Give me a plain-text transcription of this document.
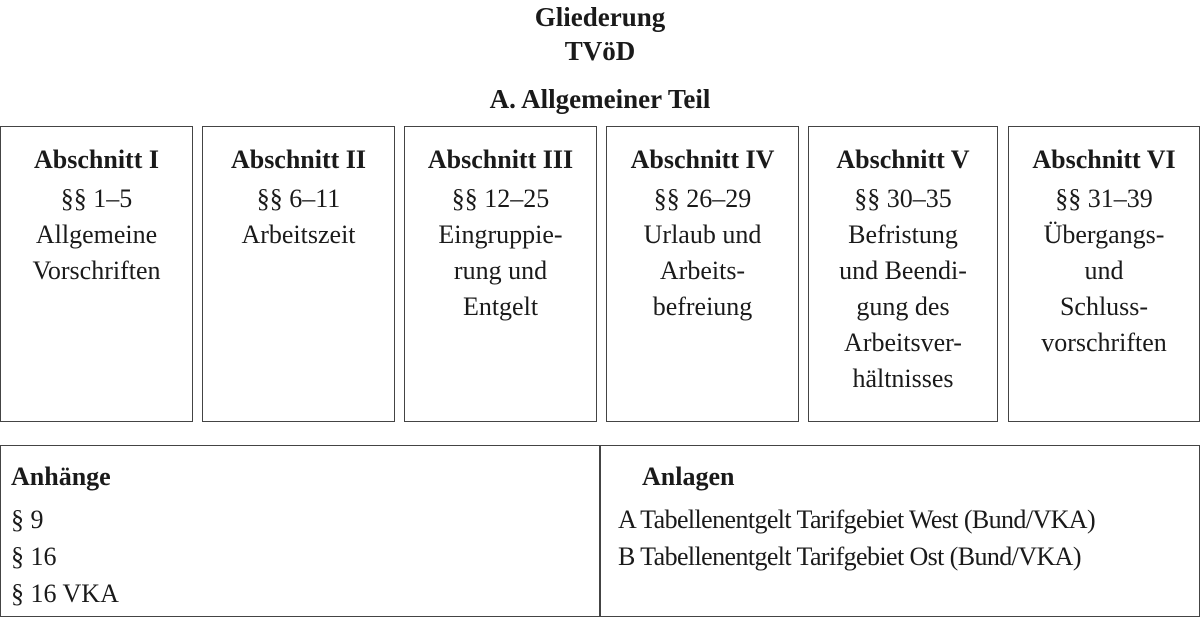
Gliederung
TVöD
A. Allgemeiner Teil
Abschnitt I
§§ 1–5
Allgemeine
Vorschriften
Abschnitt II
§§ 6–11
Arbeitszeit
Abschnitt III
§§ 12–25
Eingruppie-
rung und
Entgelt
Abschnitt IV
§§ 26–29
Urlaub und
Arbeits-
befreiung
Abschnitt V
§§ 30–35
Befristung
und Beendi-
gung des
Arbeitsver-
hältnisses
Abschnitt VI
§§ 31–39
Übergangs-
und
Schluss-
vorschriften
Anhänge
§ 9
§ 16
§ 16 VKA
Anlagen
A Tabellenentgelt Tarifgebiet West (Bund/VKA)
B Tabellenentgelt Tarifgebiet Ost (Bund/VKA)
